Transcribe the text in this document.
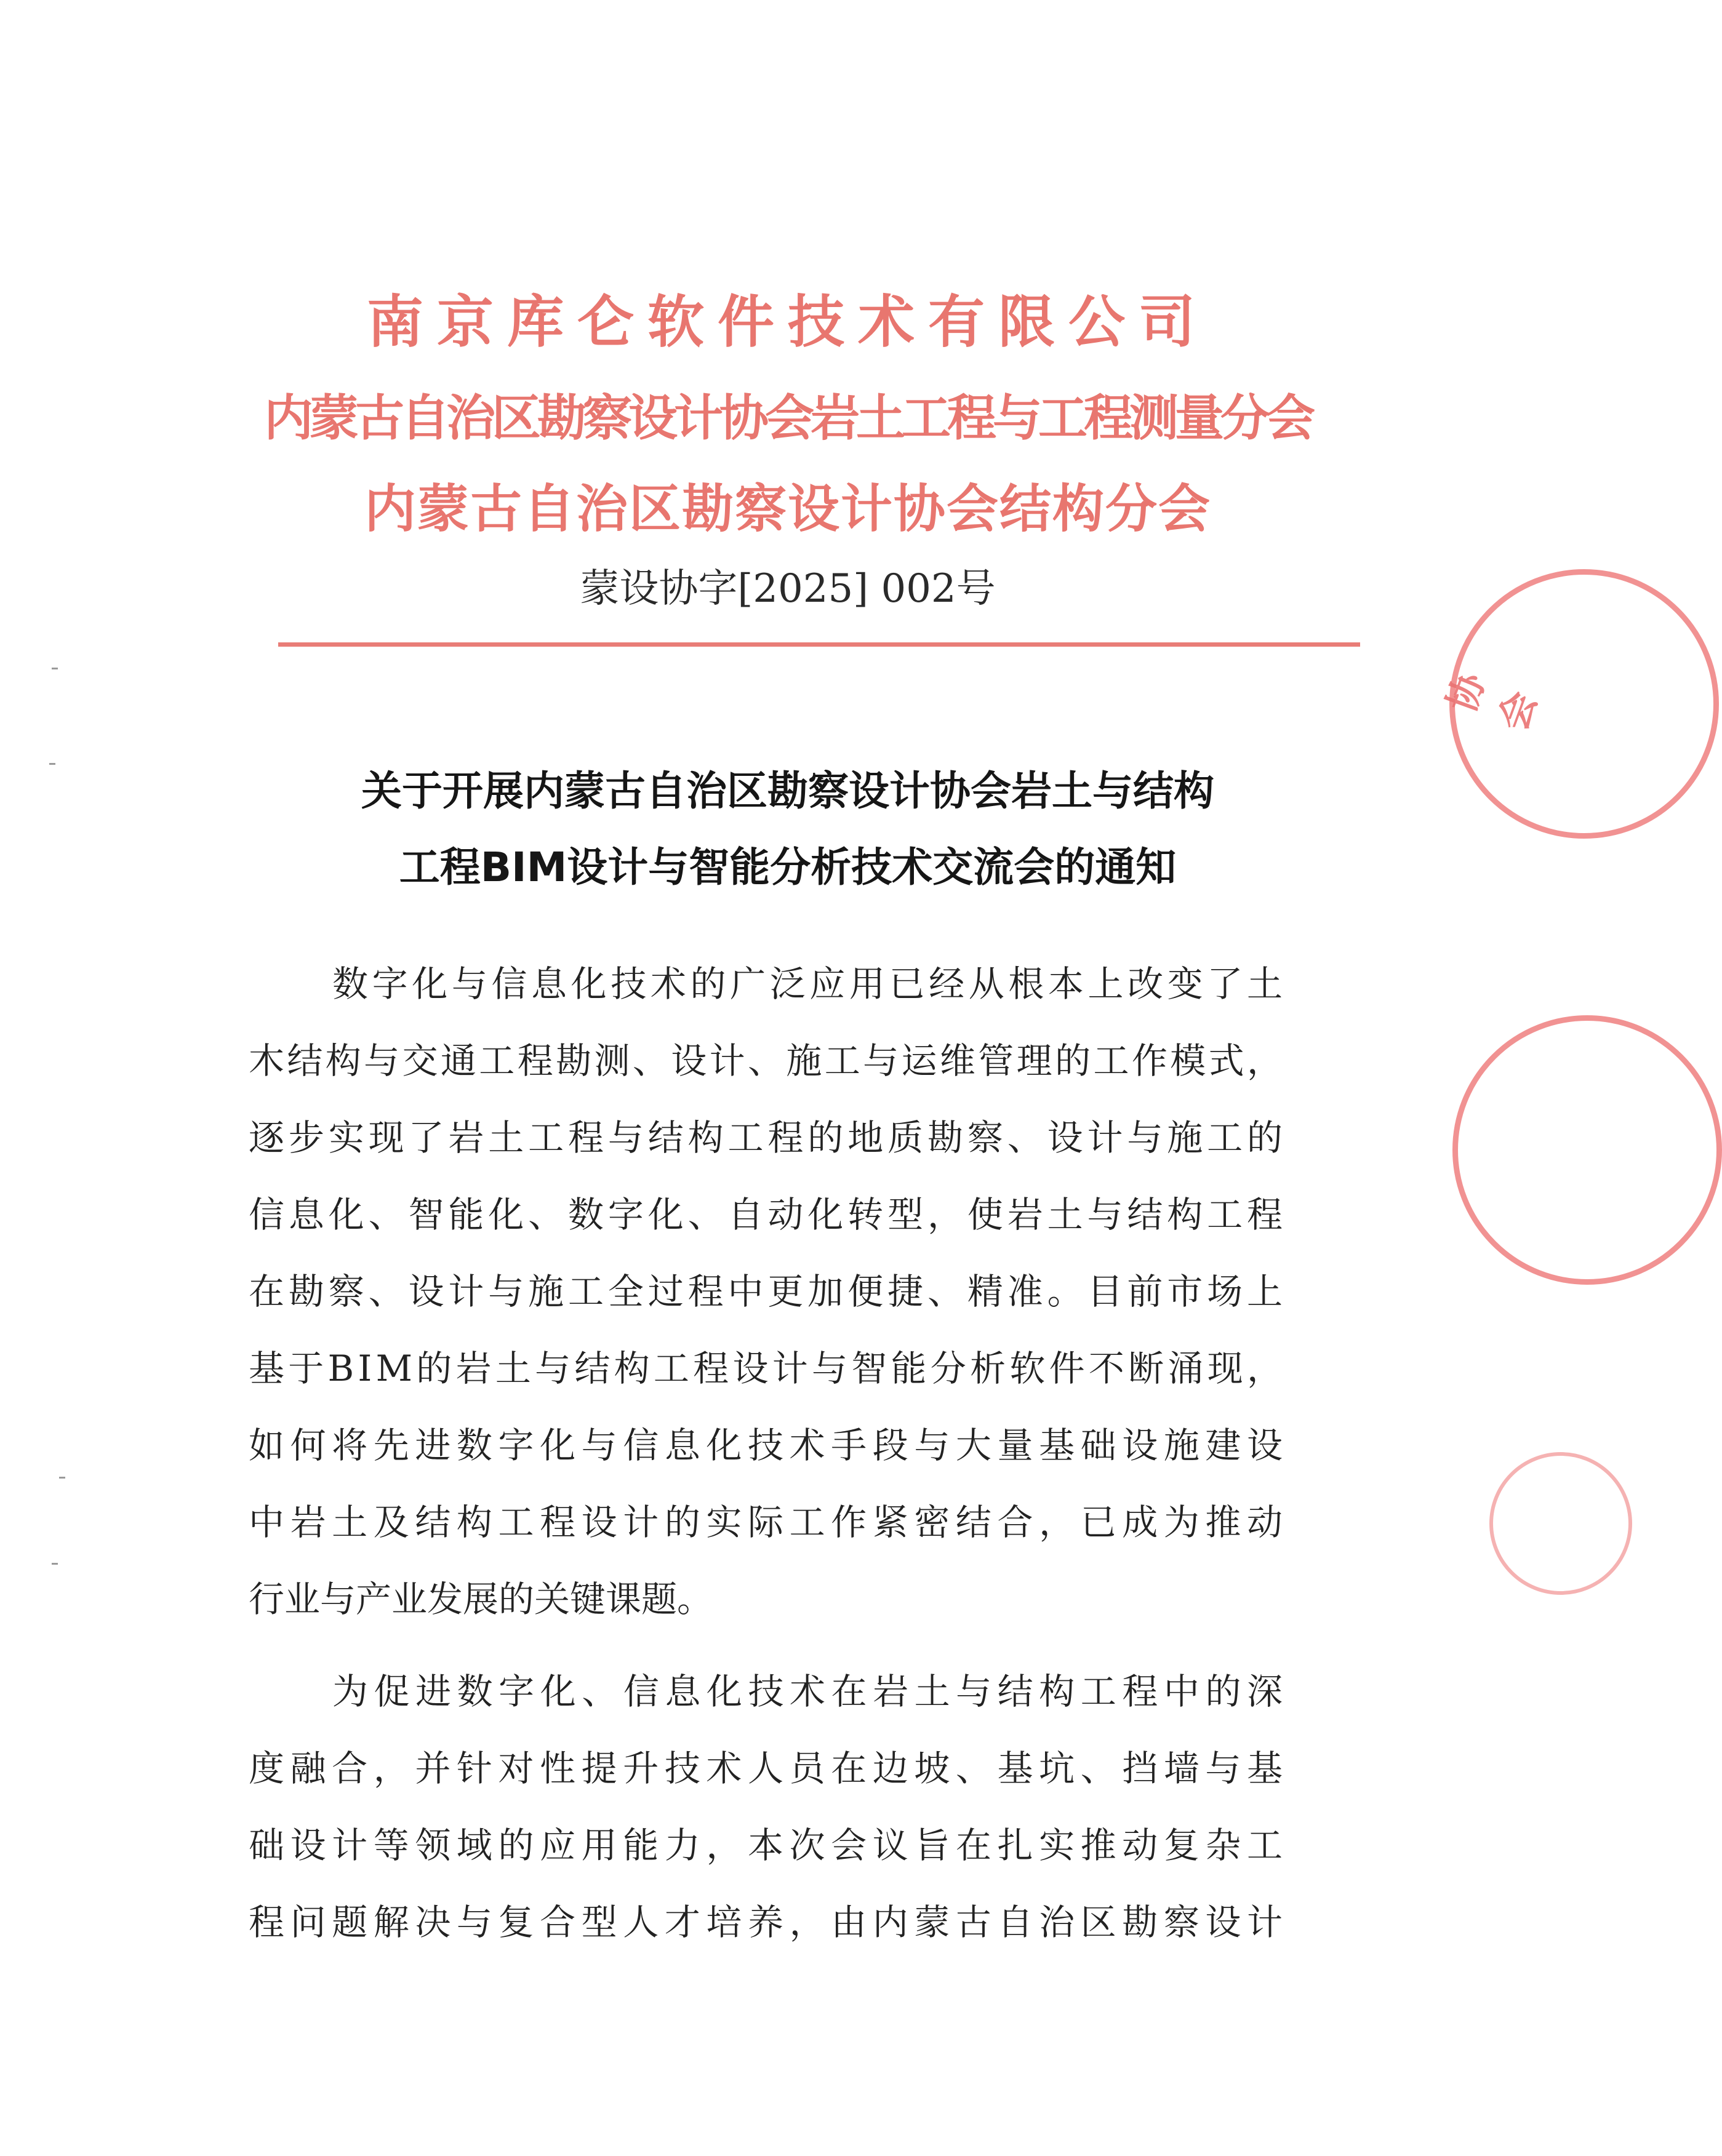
南京库仑软件技术有限公司
内蒙古自治区勘察设计协会岩土工程与工程测量分会
内蒙古自治区勘察设计协会结构分会
蒙设协字[2025] 002号
关于开展内蒙古自治区勘察设计协会岩土与结构
工程BIM设计与智能分析技术交流会的通知
数字化与信息化技术的广泛应用已经从根本上改变了土
木结构与交通工程勘测、设计、施工与运维管理的工作模式，
逐步实现了岩土工程与结构工程的地质勘察、设计与施工的
信息化、智能化、数字化、自动化转型，使岩土与结构工程
在勘察、设计与施工全过程中更加便捷、精准。目前市场上
基于BIM的岩土与结构工程设计与智能分析软件不断涌现，
如何将先进数字化与信息化技术手段与大量基础设施建设
中岩土及结构工程设计的实际工作紧密结合，已成为推动
行业与产业发展的关键课题。
为促进数字化、信息化技术在岩土与结构工程中的深
度融合，并针对性提升技术人员在边坡、基坑、挡墙与基
础设计等领域的应用能力，本次会议旨在扎实推动复杂工
程问题解决与复合型人才培养，由内蒙古自治区勘察设计
协会
